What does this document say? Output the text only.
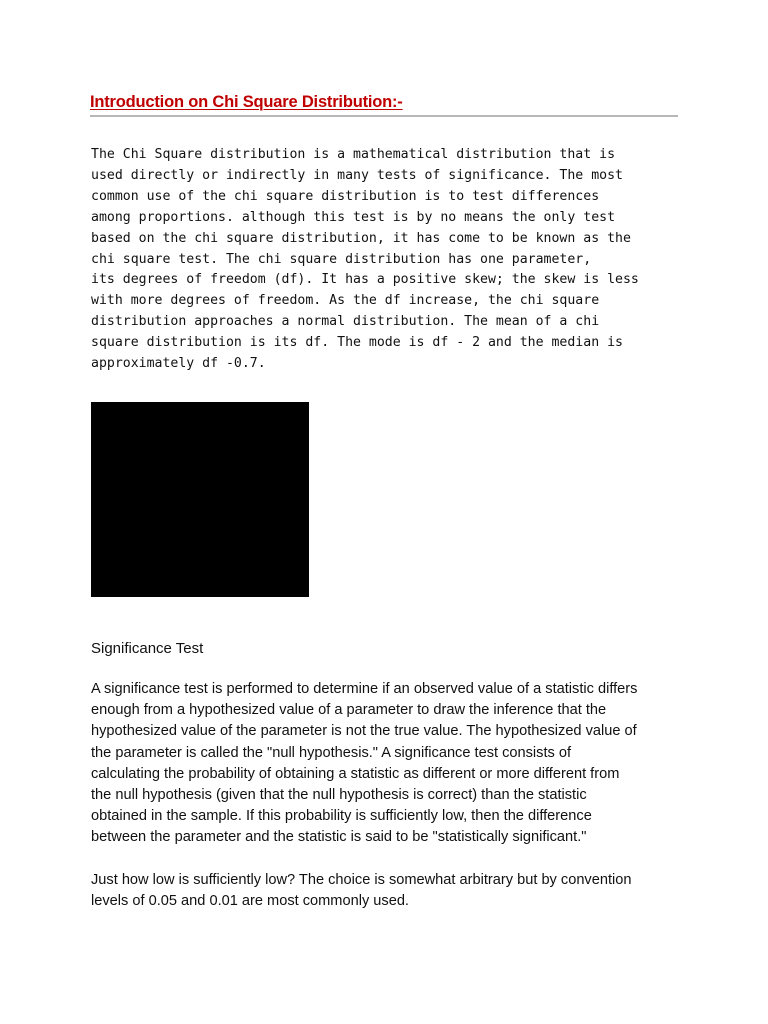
Introduction on Chi Square Distribution:-

The Chi Square distribution is a mathematical distribution that is
used directly or indirectly in many tests of significance. The most
common use of the chi square distribution is to test differences
among proportions. although this test is by no means the only test
based on the chi square distribution, it has come to be known as the
chi square test. The chi square distribution has one parameter,
its degrees of freedom (df). It has a positive skew; the skew is less
with more degrees of freedom. As the df increase, the chi square
distribution approaches a normal distribution. The mean of a chi
square distribution is its df. The mode is df - 2 and the median is
approximately df -0.7.

Significance Test

A significance test is performed to determine if an observed value of a statistic differs
enough from a hypothesized value of a parameter to draw the inference that the
hypothesized value of the parameter is not the true value. The hypothesized value of
the parameter is called the "null hypothesis." A significance test consists of
calculating the probability of obtaining a statistic as different or more different from
the null hypothesis (given that the null hypothesis is correct) than the statistic
obtained in the sample. If this probability is sufficiently low, then the difference
between the parameter and the statistic is said to be "statistically significant."

Just how low is sufficiently low? The choice is somewhat arbitrary but by convention
levels of 0.05 and 0.01 are most commonly used.
